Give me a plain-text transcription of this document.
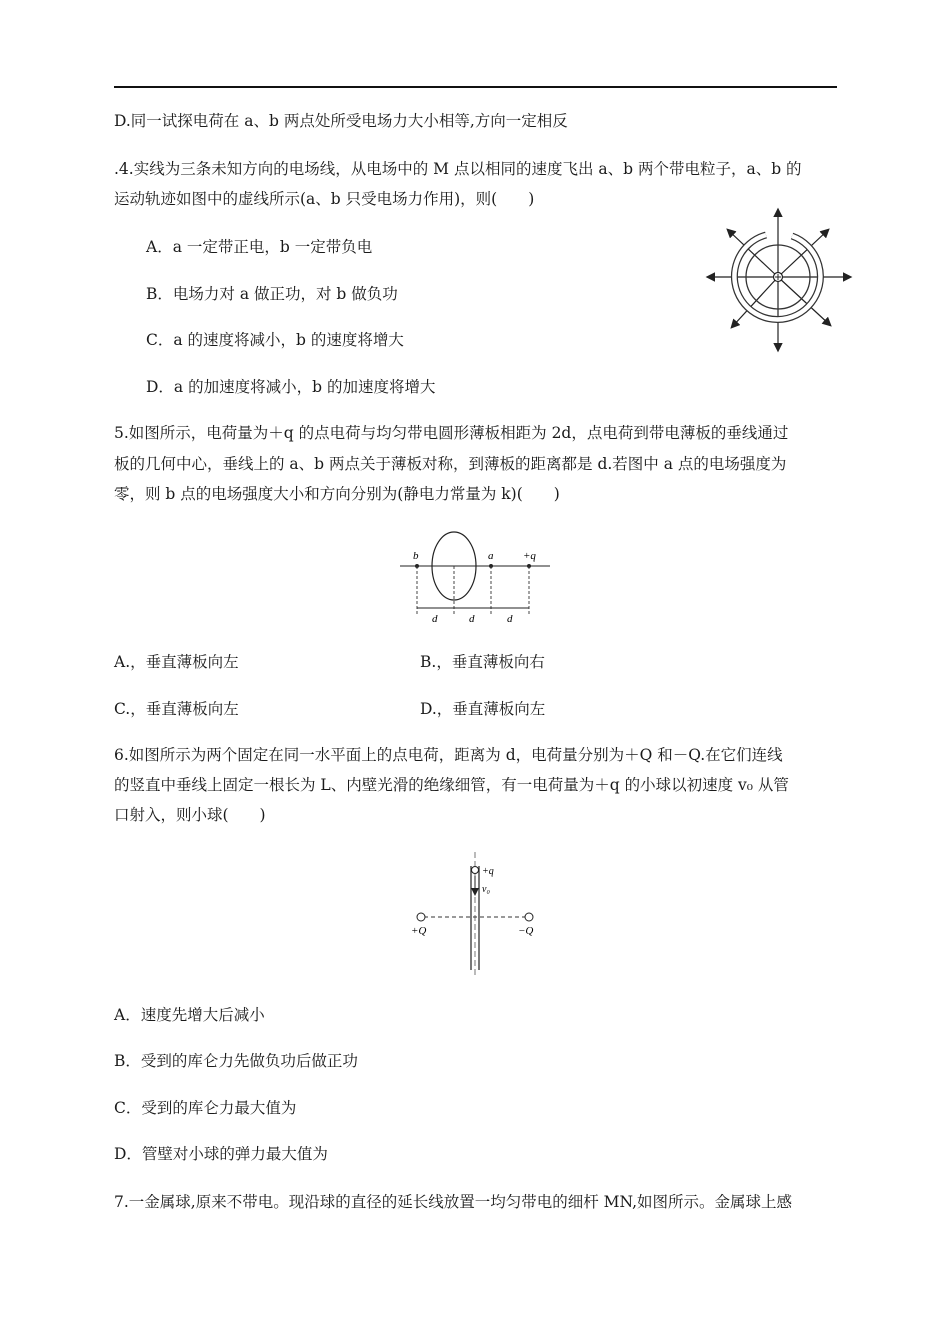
D.同一试探电荷在 a、b 两点处所受电场力大小相等,方向一定相反
.4.实线为三条未知方向的电场线，从电场中的 M 点以相同的速度飞出 a、b 两个带电粒子，a、b 的
运动轨迹如图中的虚线所示(a、b 只受电场力作用)，则(　　)
A．a 一定带正电，b 一定带负电
B．电场力对 a 做正功，对 b 做负功
C．a 的速度将减小，b 的速度将增大
D．a 的加速度将减小，b 的加速度将增大
5.如图所示，电荷量为＋q 的点电荷与均匀带电圆形薄板相距为 2d，点电荷到带电薄板的垂线通过
板的几何中心，垂线上的 a、b 两点关于薄板对称，到薄板的距离都是 d.若图中 a 点的电场强度为
零，则 b 点的电场强度大小和方向分别为(静电力常量为 k)(　　)
b	a	+q
d	d	d
A.，垂直薄板向左	B.，垂直薄板向右
C.，垂直薄板向左	D.，垂直薄板向左
6.如图所示为两个固定在同一水平面上的点电荷，距离为 d，电荷量分别为＋Q 和－Q.在它们连线
的竖直中垂线上固定一根长为 L、内壁光滑的绝缘细管，有一电荷量为＋q 的小球以初速度 v₀ 从管
口射入，则小球(　　)
+q
v₀
+Q	−Q
A．速度先增大后减小
B．受到的库仑力先做负功后做正功
C．受到的库仑力最大值为
D．管壁对小球的弹力最大值为
7.一金属球,原来不带电。现沿球的直径的延长线放置一均匀带电的细杆 MN,如图所示。金属球上感
